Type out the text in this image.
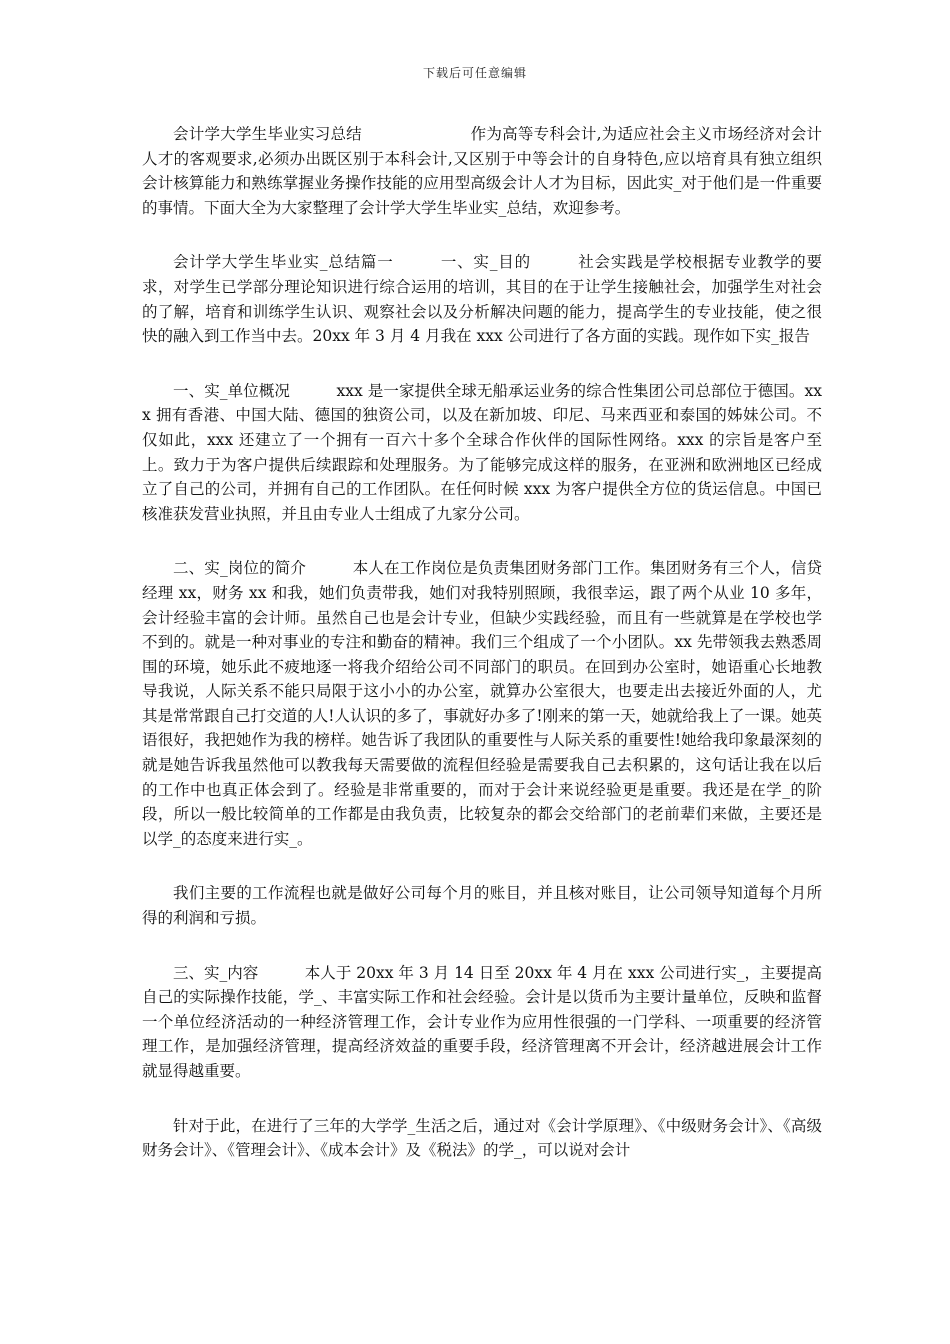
下载后可任意编辑

会计学大学生毕业实习总结	作为高等专科会计,为适应社会主义市场经济对会计人才的客观要求,必须办出既区别于本科会计,又区别于中等会计的自身特色,应以培育具有独立组织会计核算能力和熟练掌握业务操作技能的应用型高级会计人才为目标，因此实_对于他们是一件重要的事情。下面大全为大家整理了会计学大学生毕业实_总结，欢迎参考。

会计学大学生毕业实_总结篇一	一、实_目的	社会实践是学校根据专业教学的要求，对学生已学部分理论知识进行综合运用的培训，其目的在于让学生接触社会，加强学生对社会的了解，培育和训练学生认识、观察社会以及分析解决问题的能力，提高学生的专业技能，使之很快的融入到工作当中去。20xx 年 3 月 4 月我在 xxx 公司进行了各方面的实践。现作如下实_报告

一、实_单位概况	xxx 是一家提供全球无船承运业务的综合性集团公司总部位于德国。xxx 拥有香港、中国大陆、德国的独资公司，以及在新加坡、印尼、马来西亚和泰国的姊妹公司。不仅如此，xxx 还建立了一个拥有一百六十多个全球合作伙伴的国际性网络。xxx 的宗旨是客户至上。致力于为客户提供后续跟踪和处理服务。为了能够完成这样的服务，在亚洲和欧洲地区已经成立了自己的公司，并拥有自己的工作团队。在任何时候 xxx 为客户提供全方位的货运信息。中国已核准获发营业执照，并且由专业人士组成了九家分公司。

二、实_岗位的简介	本人在工作岗位是负责集团财务部门工作。集团财务有三个人，信贷经理 xx，财务 xx 和我，她们负责带我，她们对我特别照顾，我很幸运，跟了两个从业 10 多年，会计经验丰富的会计师。虽然自己也是会计专业，但缺少实践经验，而且有一些就算是在学校也学不到的。就是一种对事业的专注和勤奋的精神。我们三个组成了一个小团队。xx 先带领我去熟悉周围的环境，她乐此不疲地逐一将我介绍给公司不同部门的职员。在回到办公室时，她语重心长地教导我说，人际关系不能只局限于这小小的办公室，就算办公室很大，也要走出去接近外面的人，尤其是常常跟自己打交道的人!人认识的多了，事就好办多了!刚来的第一天，她就给我上了一课。她英语很好，我把她作为我的榜样。她告诉了我团队的重要性与人际关系的重要性!她给我印象最深刻的就是她告诉我虽然他可以教我每天需要做的流程但经验是需要我自己去积累的，这句话让我在以后的工作中也真正体会到了。经验是非常重要的，而对于会计来说经验更是重要。我还是在学_的阶段，所以一般比较简单的工作都是由我负责，比较复杂的都会交给部门的老前辈们来做，主要还是以学_的态度来进行实_。

我们主要的工作流程也就是做好公司每个月的账目，并且核对账目，让公司领导知道每个月所得的利润和亏损。

三、实_内容	本人于 20xx 年 3 月 14 日至 20xx 年 4 月在 xxx 公司进行实_，主要提高自己的实际操作技能，学_、丰富实际工作和社会经验。会计是以货币为主要计量单位，反映和监督一个单位经济活动的一种经济管理工作，会计专业作为应用性很强的一门学科、一项重要的经济管理工作，是加强经济管理，提高经济效益的重要手段，经济管理离不开会计，经济越进展会计工作就显得越重要。

针对于此，在进行了三年的大学学_生活之后，通过对《会计学原理》、《中级财务会计》、《高级财务会计》、《管理会计》、《成本会计》及《税法》的学_，可以说对会计
